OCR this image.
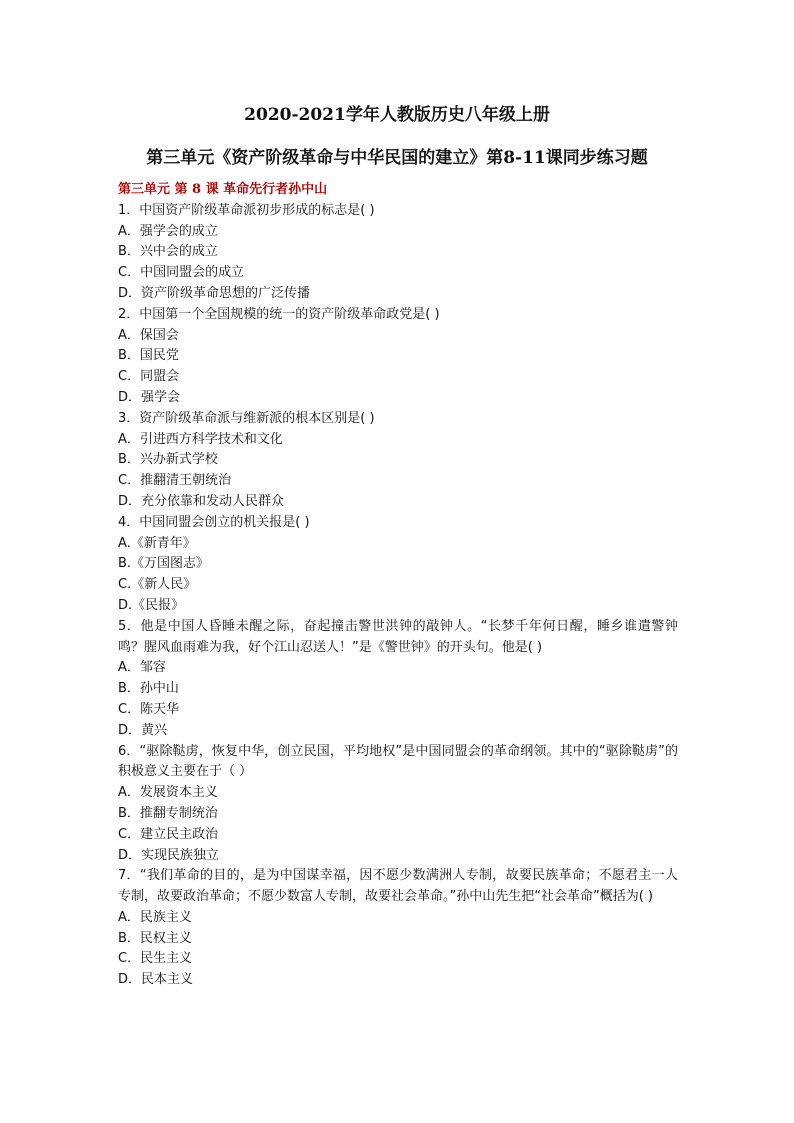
2020-2021学年人教版历史八年级上册
第三单元《资产阶级革命与中华民国的建立》第8-11课同步练习题
第三单元 第 8 课 革命先行者孙中山
1．中国资产阶级革命派初步形成的标志是( )
A．强学会的成立
B．兴中会的成立
C．中国同盟会的成立
D．资产阶级革命思想的广泛传播
2．中国第一个全国规模的统一的资产阶级革命政党是( )
A．保国会
B．国民党
C．同盟会
D．强学会
3．资产阶级革命派与维新派的根本区别是( )
A．引进西方科学技术和文化
B．兴办新式学校
C．推翻清王朝统治
D．充分依靠和发动人民群众
4．中国同盟会创立的机关报是( )
A.《新青年》
B.《万国图志》
C.《新人民》
D.《民报》
5．他是中国人昏睡未醒之际，奋起撞击警世洪钟的敲钟人。“长梦千年何日醒，睡乡谁遣警钟鸣？腥风血雨难为我，好个江山忍送人！”是《警世钟》的开头句。他是( )
A．邹容
B．孙中山
C．陈天华
D．黄兴
6．“驱除鞑虏，恢复中华，创立民国，平均地权”是中国同盟会的革命纲领。其中的“驱除鞑虏”的积极意义主要在于（ ）
A．发展资本主义
B．推翻专制统治
C．建立民主政治
D．实现民族独立
7．“我们革命的目的，是为中国谋幸福，因不愿少数满洲人专制，故要民族革命；不愿君主一人专制，故要政治革命；不愿少数富人专制，故要社会革命。”孙中山先生把“社会革命”概括为( )
A．民族主义
B．民权主义
C．民生主义
D．民本主义
